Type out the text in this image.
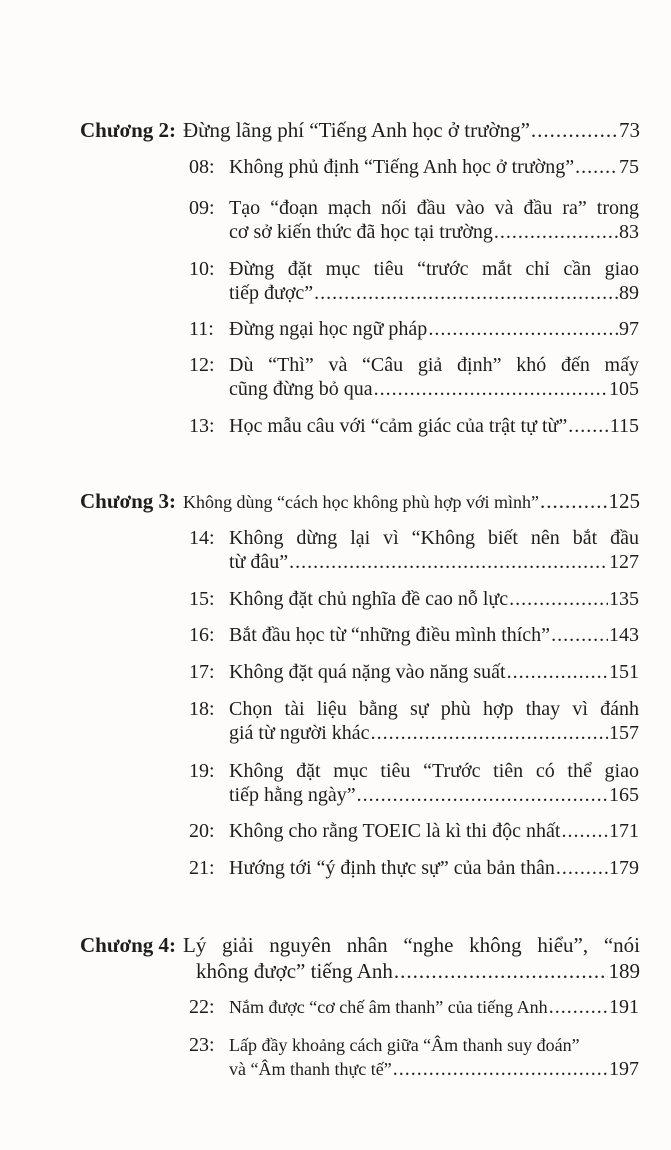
Chương 2: Đừng lãng phí “Tiếng Anh học ở trường” .....	73
08: Không phủ định “Tiếng Anh học ở trường” ..... 75
09: Tạo “đoạn mạch nối đầu vào và đầu ra” trong
cơ sở kiến thức đã học tại trường .....	83
10: Đừng đặt mục tiêu “trước mắt chỉ cần giao
tiếp được” .....	89
11: Đừng ngại học ngữ pháp .....	97
12: Dù “Thì” và “Câu giả định” khó đến mấy
cũng đừng bỏ qua .....	105
13: Học mẫu câu với “cảm giác của trật tự từ” ..... 115
Chương 3: Không dùng “cách học không phù hợp với mình” .....	125
14: Không dừng lại vì “Không biết nên bắt đầu
từ đâu” .....	127
15: Không đặt chủ nghĩa đề cao nỗ lực .....	135
16: Bắt đầu học từ “những điều mình thích” .....	143
17: Không đặt quá nặng vào năng suất .....	151
18: Chọn tài liệu bằng sự phù hợp thay vì đánh
giá từ người khác .....	157
19: Không đặt mục tiêu “Trước tiên có thể giao
tiếp hằng ngày” .....	165
20: Không cho rằng TOEIC là kì thi độc nhất ..... 171
21: Hướng tới “ý định thực sự” của bản thân .....	179
Chương 4: Lý giải nguyên nhân “nghe không hiểu”, “nói
không được” tiếng Anh .....	189
22: Nắm được “cơ chế âm thanh” của tiếng Anh .....	191
23: Lấp đầy khoảng cách giữa “Âm thanh suy đoán”
và “Âm thanh thực tế” .....	197
